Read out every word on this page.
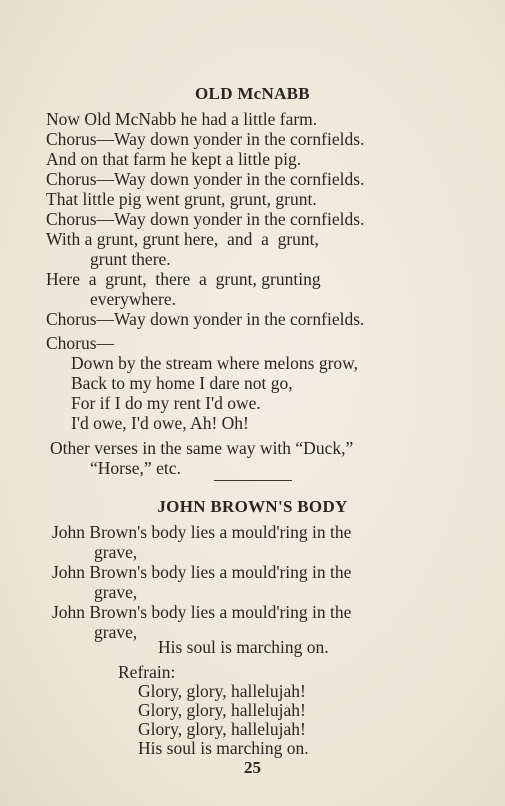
OLD McNABB
Now Old McNabb he had a little farm.
Chorus—Way down yonder in the cornfields.
And on that farm he kept a little pig.
Chorus—Way down yonder in the cornfields.
That little pig went grunt, grunt, grunt.
Chorus—Way down yonder in the cornfields.
With a grunt, grunt here,  and  a  grunt,
grunt there.
Here  a  grunt,  there  a  grunt, grunting
everywhere.
Chorus—Way down yonder in the cornfields.
Chorus—
Down by the stream where melons grow,
Back to my home I dare not go,
For if I do my rent I'd owe.
I'd owe, I'd owe, Ah! Oh!
Other verses in the same way with “Duck,”
“Horse,” etc.
JOHN BROWN'S BODY
John Brown's body lies a mould'ring in the
grave,
John Brown's body lies a mould'ring in the
grave,
John Brown's body lies a mould'ring in the
grave,
His soul is marching on.
Refrain:
Glory, glory, hallelujah!
Glory, glory, hallelujah!
Glory, glory, hallelujah!
His soul is marching on.
25
